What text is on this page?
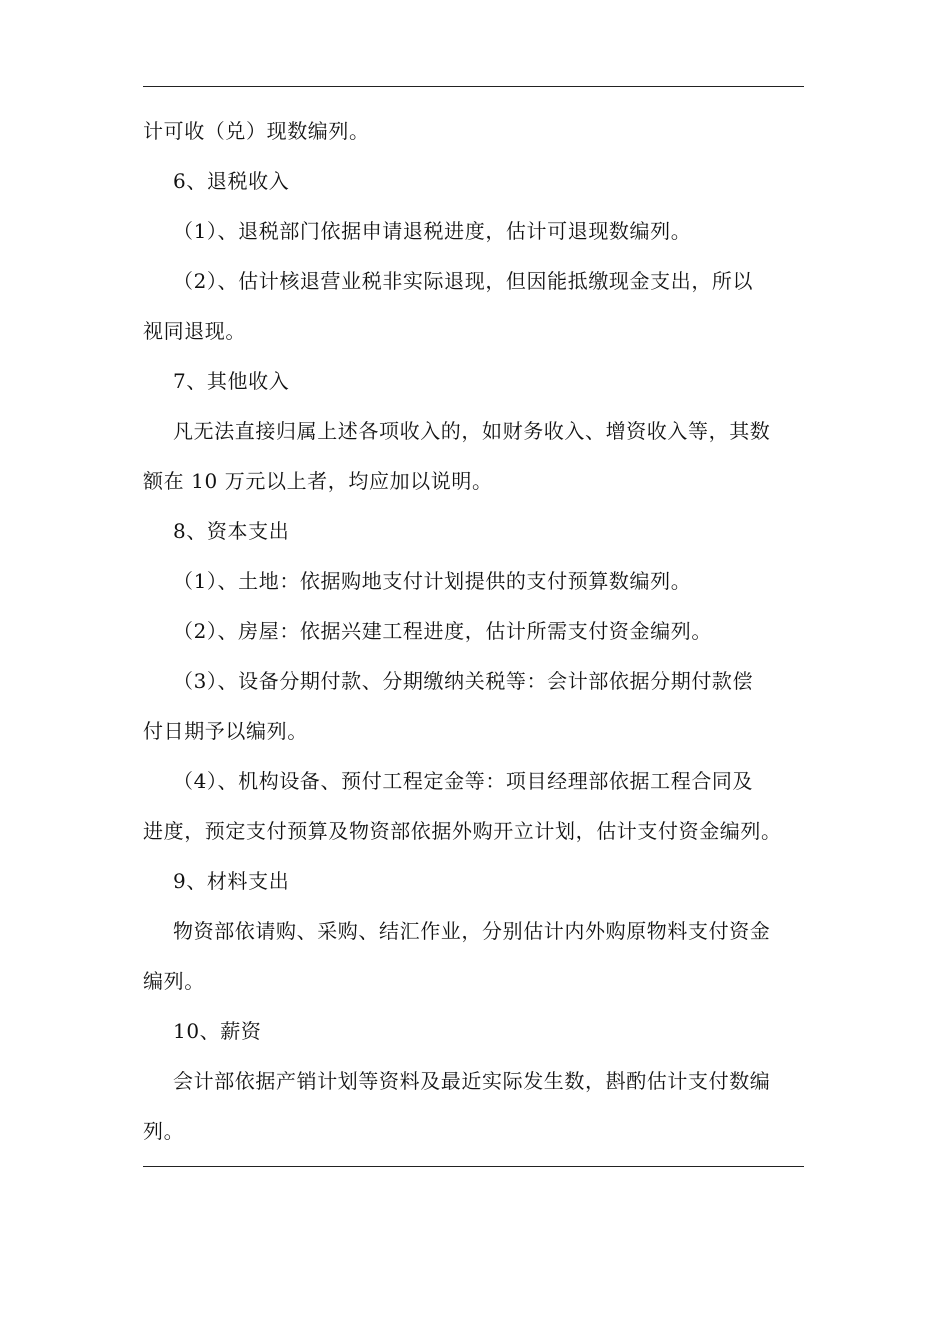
计可收（兑）现数编列。
6、退税收入
（1）、退税部门依据申请退税进度，估计可退现数编列。
（2）、估计核退营业税非实际退现，但因能抵缴现金支出，所以
视同退现。
7、其他收入
凡无法直接归属上述各项收入的，如财务收入、增资收入等，其数
额在 10 万元以上者，均应加以说明。
8、资本支出
（1）、土地：依据购地支付计划提供的支付预算数编列。
（2）、房屋：依据兴建工程进度，估计所需支付资金编列。
（3）、设备分期付款、分期缴纳关税等：会计部依据分期付款偿
付日期予以编列。
（4）、机构设备、预付工程定金等：项目经理部依据工程合同及
进度，预定支付预算及物资部依据外购开立计划，估计支付资金编列。
9、材料支出
物资部依请购、采购、结汇作业，分别估计内外购原物料支付资金
编列。
10、薪资
会计部依据产销计划等资料及最近实际发生数，斟酌估计支付数编
列。
